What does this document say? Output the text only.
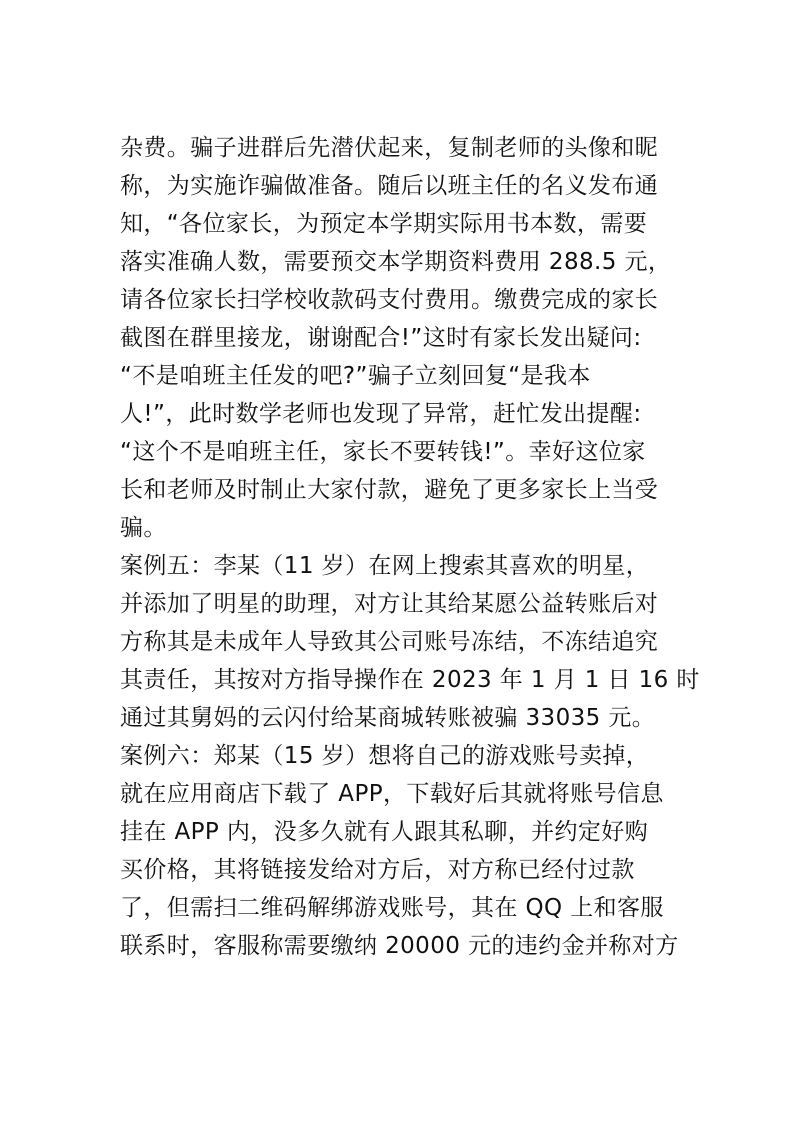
杂费。骗子进群后先潜伏起来，复制老师的头像和昵
称，为实施诈骗做准备。随后以班主任的名义发布通
知，“各位家长，为预定本学期实际用书本数，需要
落实准确人数，需要预交本学期资料费用 288.5 元，
请各位家长扫学校收款码支付费用。缴费完成的家长
截图在群里接龙，谢谢配合!”这时有家长发出疑问:
“不是咱班主任发的吧?”骗子立刻回复“是我本
人!”，此时数学老师也发现了异常，赶忙发出提醒:
“这个不是咱班主任，家长不要转钱!”。幸好这位家
长和老师及时制止大家付款，避免了更多家长上当受
骗。
案例五：李某（11 岁）在网上搜索其喜欢的明星，
并添加了明星的助理，对方让其给某愿公益转账后对
方称其是未成年人导致其公司账号冻结，不冻结追究
其责任，其按对方指导操作在 2023 年 1 月 1 日 16 时
通过其舅妈的云闪付给某商城转账被骗 33035 元。
案例六：郑某（15 岁）想将自己的游戏账号卖掉，
就在应用商店下载了 APP，下载好后其就将账号信息
挂在 APP 内，没多久就有人跟其私聊，并约定好购
买价格，其将链接发给对方后，对方称已经付过款
了，但需扫二维码解绑游戏账号，其在 QQ 上和客服
联系时，客服称需要缴纳 20000 元的违约金并称对方
